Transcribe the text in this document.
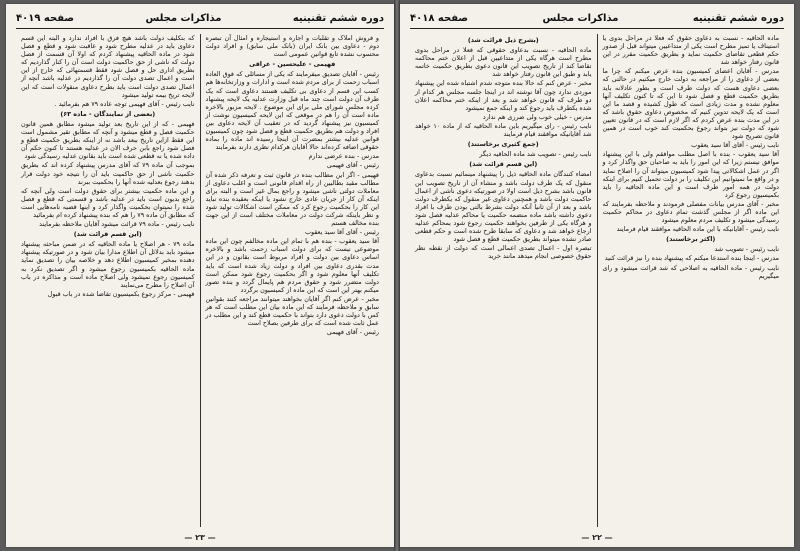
دوره ششم تقنینیه
مذاکرات مجلس
صفحه ۴۰۱۹

و فروش املاک و تقلبات و اجاره و استیجاره و امثال آن تبصره دوم - دعاوی بین بانک ایران (بانک ملی سابق) و افراد دولت محسوب نشده تابع قوانین عمومی است

فهیمی - علیحسین - عراقی

رئیس - آقایان تصدیق میفرمایند که یکی از مسائلی که فوق العاده اسباب زحمت از برای مردم شده است و ادارات و وزارتخانه‌ها هم کسب این قسم از دعاوی بی تکلیف هستند دعاوی است که یک طرف آن دولت است چند ماه قبل وزارت عدلیه یک لایحه پیشنهاد کرده مجلس شورای ملی برای این موضوع . لایحه مزبور بالاخره ماده است آن را هم در موقعی که این لایحه کمیسیون نوشت از کمیسیون نیز پیشنهاد گردید که در تعقیب آن لایحه دعاوی بین افراد و دولت هم بطریق حکمیت قطع و فصل شود چون کمیسیون قوانین عدلیه بیشتر بمضرت آن اینجا رسیده اند ماده را بماده حقوقی اضافه کرده‌اند حالا آقایان هرکدام نظری دارند بفرمایند

مدرس - بنده عرضی ندارم

رئیس - آقای فهیمی

فهیمی - اگر این مطالب بنده در قانون ثبت و تعرفه ذکر شده آن مطالب مقید بطالبین از راه اقدام قانونی است و اغلب دعاوی از معاملات دولتی ناشی میشود و راجع بمال غیر است و البته برای اینکه آن کار از جریان عادی خارج نشود یا اینکه بعقیده بنده نباید این کار را بحکمیت رجوع کرد که ممکن است اشکالات تولید شود و نظر باینکه شرکت دولت در معاملات مختلف است از این جهت بنده مخالف هستم

رئیس - آقای آقا سید یعقوب

آقا سید یعقوب - بنده هم با تمام این ماده مخالفم چون این ماده موضوعی نیست که برای دولت اسباب زحمت باشد و بالاخره اساس دعاوی بین دولت و افراد مربوط است بقانون و در این مدت بقدری دعاوی بین افراد و دولت زیاد شده است که باید تکلیف آنها معلوم شود و اگر بحکمیت رجوع شود ممکن است دولت متضرر شود و حقوق مردم هم پایمال گردد و بنده تصور میکنم بهتر این است که این ماده از کمیسیون برگردد

مخبر - عرض کنم اگر آقایان بخواهند میتوانند مراجعه کنند بقوانین سابق و ملاحظه فرمایند که این ماده بیان این مطلب است که هر کس با دولت دعوی دارد بتواند با حکمیت قطع کند و این مطلب در عمل ثابت شده است که برای طرفین بصلاح است

رئیس - آقای فهیمی

که بتکلیف دولت باشد هیچ فرق با افراد ندارد و البته این قسم دعاوی باید در عدلیه مطرح شود و عاقبت شود و قطع و فصل شود در ماده الحاقیه پیشنهاد کردم که اولا آن قسمت از فصل دولت که ناشی از حق حاکمیت دولت است آن را کنار گذاردیم که بطریق اداری حل و فصل شود فقط قسمتهائی که خارج از این است و اعمال تصدی دولت آن را گذاردیم در عدلیه باشد آنچه از اعمال تصدی دولت است باید بطرح دعاوی منقولات است که این لایحه تریخ بیمه تولید میشود

نایب رئیس - آقای فهیمی توجه عاده ۷۹ هم بفرمائید .

(بعضی از نمایندگان - ماده ۶۳)

فهیمی - که از این تاریخ بعد تولید میشود مطابق همین قانون حکمیت فصل و قطع میشود و آنچه که مطابق تقیر مشمول است این فقط ازاین تاریخ ببعد باشد نه از اینکه بطریق حکمیت قطع و فصل شود راجع بابن حرف الان در عدلیه هستند تا کنون حکم آن داده شده یا نه قطعی شده است باید بقانون عدلیه رسیدگی شود

بموجب آن ماده ۷۹ که آقای مدرس پیشنهاد کرده اند که بطریق حکمیت ناشی از حق حاکمیت باید آن را نتیجه خود دولت قرار بدهند رجوع بعدلیه شده آنها را بحکمیت ببرند

و این ماده حکمیت بیشتر برای حقوق دولت است ولی آنچه که راجع بدیون است باید در عدلیه باشد و قسمتی که قطع و فصل شده را نمیتوان بحکمیت واگذار کرد و اینها قضیه نامه‌هایی است که مطابق آن ماده ۷۹ را هم که بنده پیشنهاد کرده ام بفرمائید

نایب رئیس - ماده ۷۹ قرائت میشود آقایان ملاحظه بفرمایند

(این قسم قرائت شد)

ماده ۷۹ - هر اصلاح یا ماده الحاقیه که در ضمن مباحثه پیشنهاد میشود باید بدلائل آن اطلاع مدارا بیان شود و در صورتیکه پیشنهاد دهنده بمخبر کمیسیون اطلاع دهد و خلاصه بیان را تصدیق نماید ماده الحاقیه بکمیسیون رجوع میشود و اگر تصدیق نکرد به کمیسیون رجوع نمیشود ولی اصلاح ماده است و مذاکره در باب آن اصلاح را مطرح می‌نمایند

فهیمی - مرکز رجوع بکمیسیون تقاضا شده در باب قبول

— ۲۳ —
دوره ششم تقنینیه
مذاکرات مجلس
صفحه ۴۰۱۸

ماده الحاقیه - نسبت به دعاوی حقوق که فعلا در مراحل بدوی یا استیناف یا تمیز مطرح است یکی از متداعیین میتواند قبل از صدور حکم قطعی تقاضای حکمیت نماید و بطریق حکمیت مقرر در این قانون رفتار خواهد شد

مدرس - آقایان اعضای کمیسیون بنده عرض میکنم که چرا ما بعضی از دعاوی را از مراجعه به دولت خارج میکنیم در حالتی که بعضی دعاوی هست که دولت طرف است و بطور عادلانه باید بطریق حکمیت قطع و فصل شود تا این که تا کنون تکلیف آنها معلوم نشده و مدت زیادی است که طول کشیده و قصد ما این است که یک لایحه تدوین کنیم که مخصوص دعاوی حقوق باشد که در این مدت بنده عرض کردم که اگر لازم است که در قانون تعیین شود که دولت نیز بتواند رجوع بحکمیت کند خوب است در همین قانون تصریح شود

نایب رئیس - آقای آقا سید یعقوب

آقا سید یعقوب - بنده با اصل مطلب موافقم ولی با این پیشنهاد موافق نیستم زیرا که این امور را باید به صاحبان حق واگذار کرد و اگر در عمل اشکالاتی پیدا شود کمیسیون میتواند آن را اصلاح نماید و در واقع ما نمیتوانیم این تکلیف را بر دولت تحمیل کنیم برای اینکه دولت در همه امور طرف است و این ماده الحاقیه را باید بکمیسیون رجوع کرد

مخبر - آقای مدرس بیانات مفصلی فرمودند و ملاحظه بفرمایند که این ماده اگر از مجلس گذشت تمام دعاوی در محاکم حکمیت رسیدگی میشود و تکلیف مردم معلوم میشود

نایب رئیس - آقایانیکه با این ماده الحاقیه موافقند قیام فرمایند

(اکثر برخاستند)

نایب رئیس - تصویب شد

مدرس - اینجا بنده استدعا میکنم که پیشنهاد بنده را نیز قرائت کنید

نایب رئیس - ماده الحاقیه به اصلاحی که شد قرائت میشود و رای میگیریم

(بشرح ذیل قرائت شد)

ماده الحاقیه - نسبت بدعاوی حقوقی که فعلا در مراحل بدوی مطرح است هرگاه یکی از متداعیین قبل از اعلان ختم محاکمه تقاضا کند از تاریخ تصویب این قانون دعوی بطریق حکمیت خاتمه یابد و طبق این قانون رفتار خواهد شد

مخبر - عرض کنم که حالا بنده متوجه شدم اشتباه شده این پیشنهاد موردی ندارد چون آقا نوشته اند در اینجا جلسه مجلس هر کدام از دو طرف که قانون خواهد شد و بعد از اینکه ختم محاکمه اعلان شده یکطرف باید رجوع کند و اینکه جمع نمیشود

مدرس - خیلی خوب ولی ضرری هم ندارد

نایب رئیس - رای میگیریم باین ماده الحاقیه که از ماده ۱۰ خواهد شد آقایانیکه موافقند قیام فرمایند

(جمع کثیری برخاستند)

نایب رئیس - تصویب شد ماده الحاقیه دیگر

(این قسم قرائت شد)

امضاء کنندگان ماده الحاقیه ذیل را پیشنهاد مینمائیم نسبت بدعاوی منقول که یک طرف دولت باشد و منشاء آن از تاریخ تصویب این قانون باشد بشرح ذیل است اولا در صورتیکه دعوی ناشی از اعمال حاکمیت دولت باشد و همچنین دعاوی غیر منقول که یکطرف دولت باشد و بعد از آن ثانیا آنکه دولت بشرط بالتی بودن طرف با افراد دعوی داشته باشد ماده منضمه حکمیت یا محاکم عدلیه فصل شود و هرگاه یکی از طرفین بخواهند حکمیت رجوع شود بمحاکم عدلیه ارجاع خواهد شد و دعاوی که سابقا طرح شده است و حکم قطعی صادر نشده میتواند بطریق حکمیت قطع و فصل شود

تبصره اول - اعمال تصدی اعمالی است که دولت از نقطه نظر حقوق خصوصی انجام میدهد مانند خرید

— ۲۲ —
